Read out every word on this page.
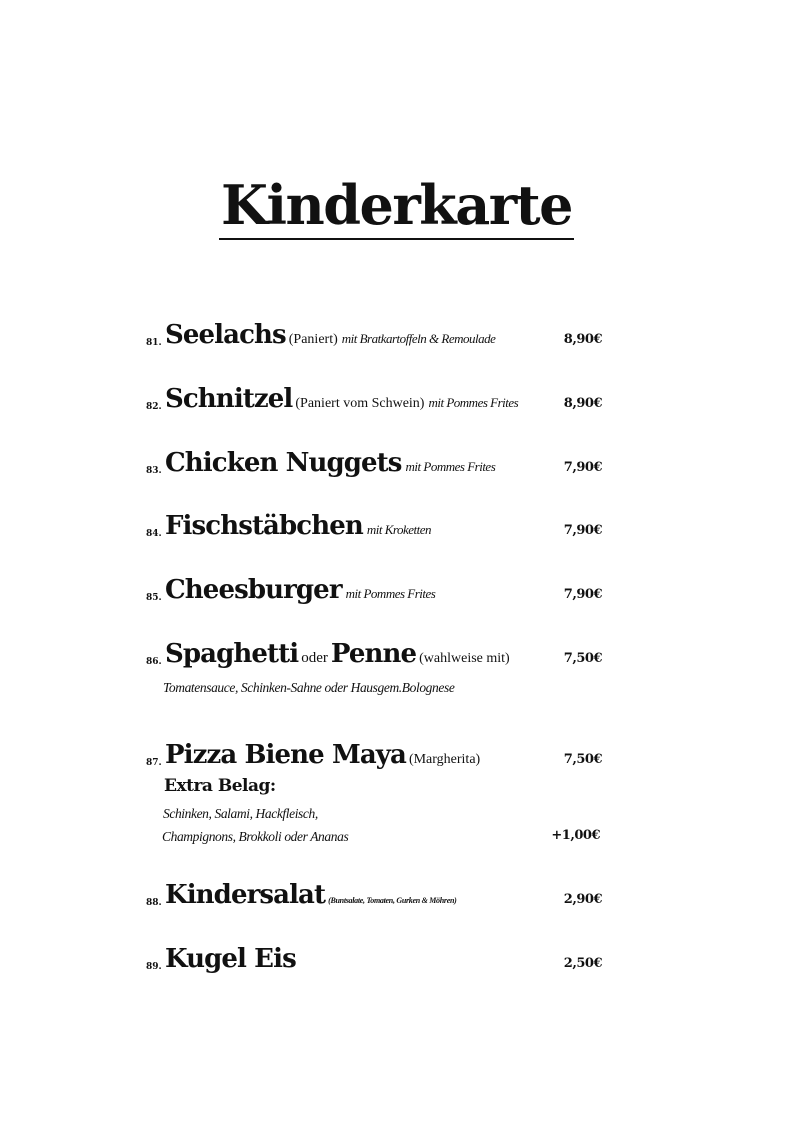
Kinderkarte
81. Seelachs (Paniert) mit Bratkartoffeln & Remoulade	8,90€
82. Schnitzel (Paniert vom Schwein) mit Pommes Frites	8,90€
83. Chicken Nuggets mit Pommes Frites	7,90€
84. Fischstäbchen mit Kroketten	7,90€
85. Cheesburger mit Pommes Frites	7,90€
86. Spaghetti oder Penne (wahlweise mit)	7,50€
Tomatensauce, Schinken-Sahne oder Hausgem.Bolognese
87. Pizza Biene Maya (Margherita)	7,50€
Extra Belag:
Schinken, Salami, Hackfleisch,
Champignons, Brokkoli oder Ananas	+1,00€
88. Kindersalat (Buntsalate, Tomaten, Gurken & Möhren)	2,90€
89. Kugel Eis	2,50€
